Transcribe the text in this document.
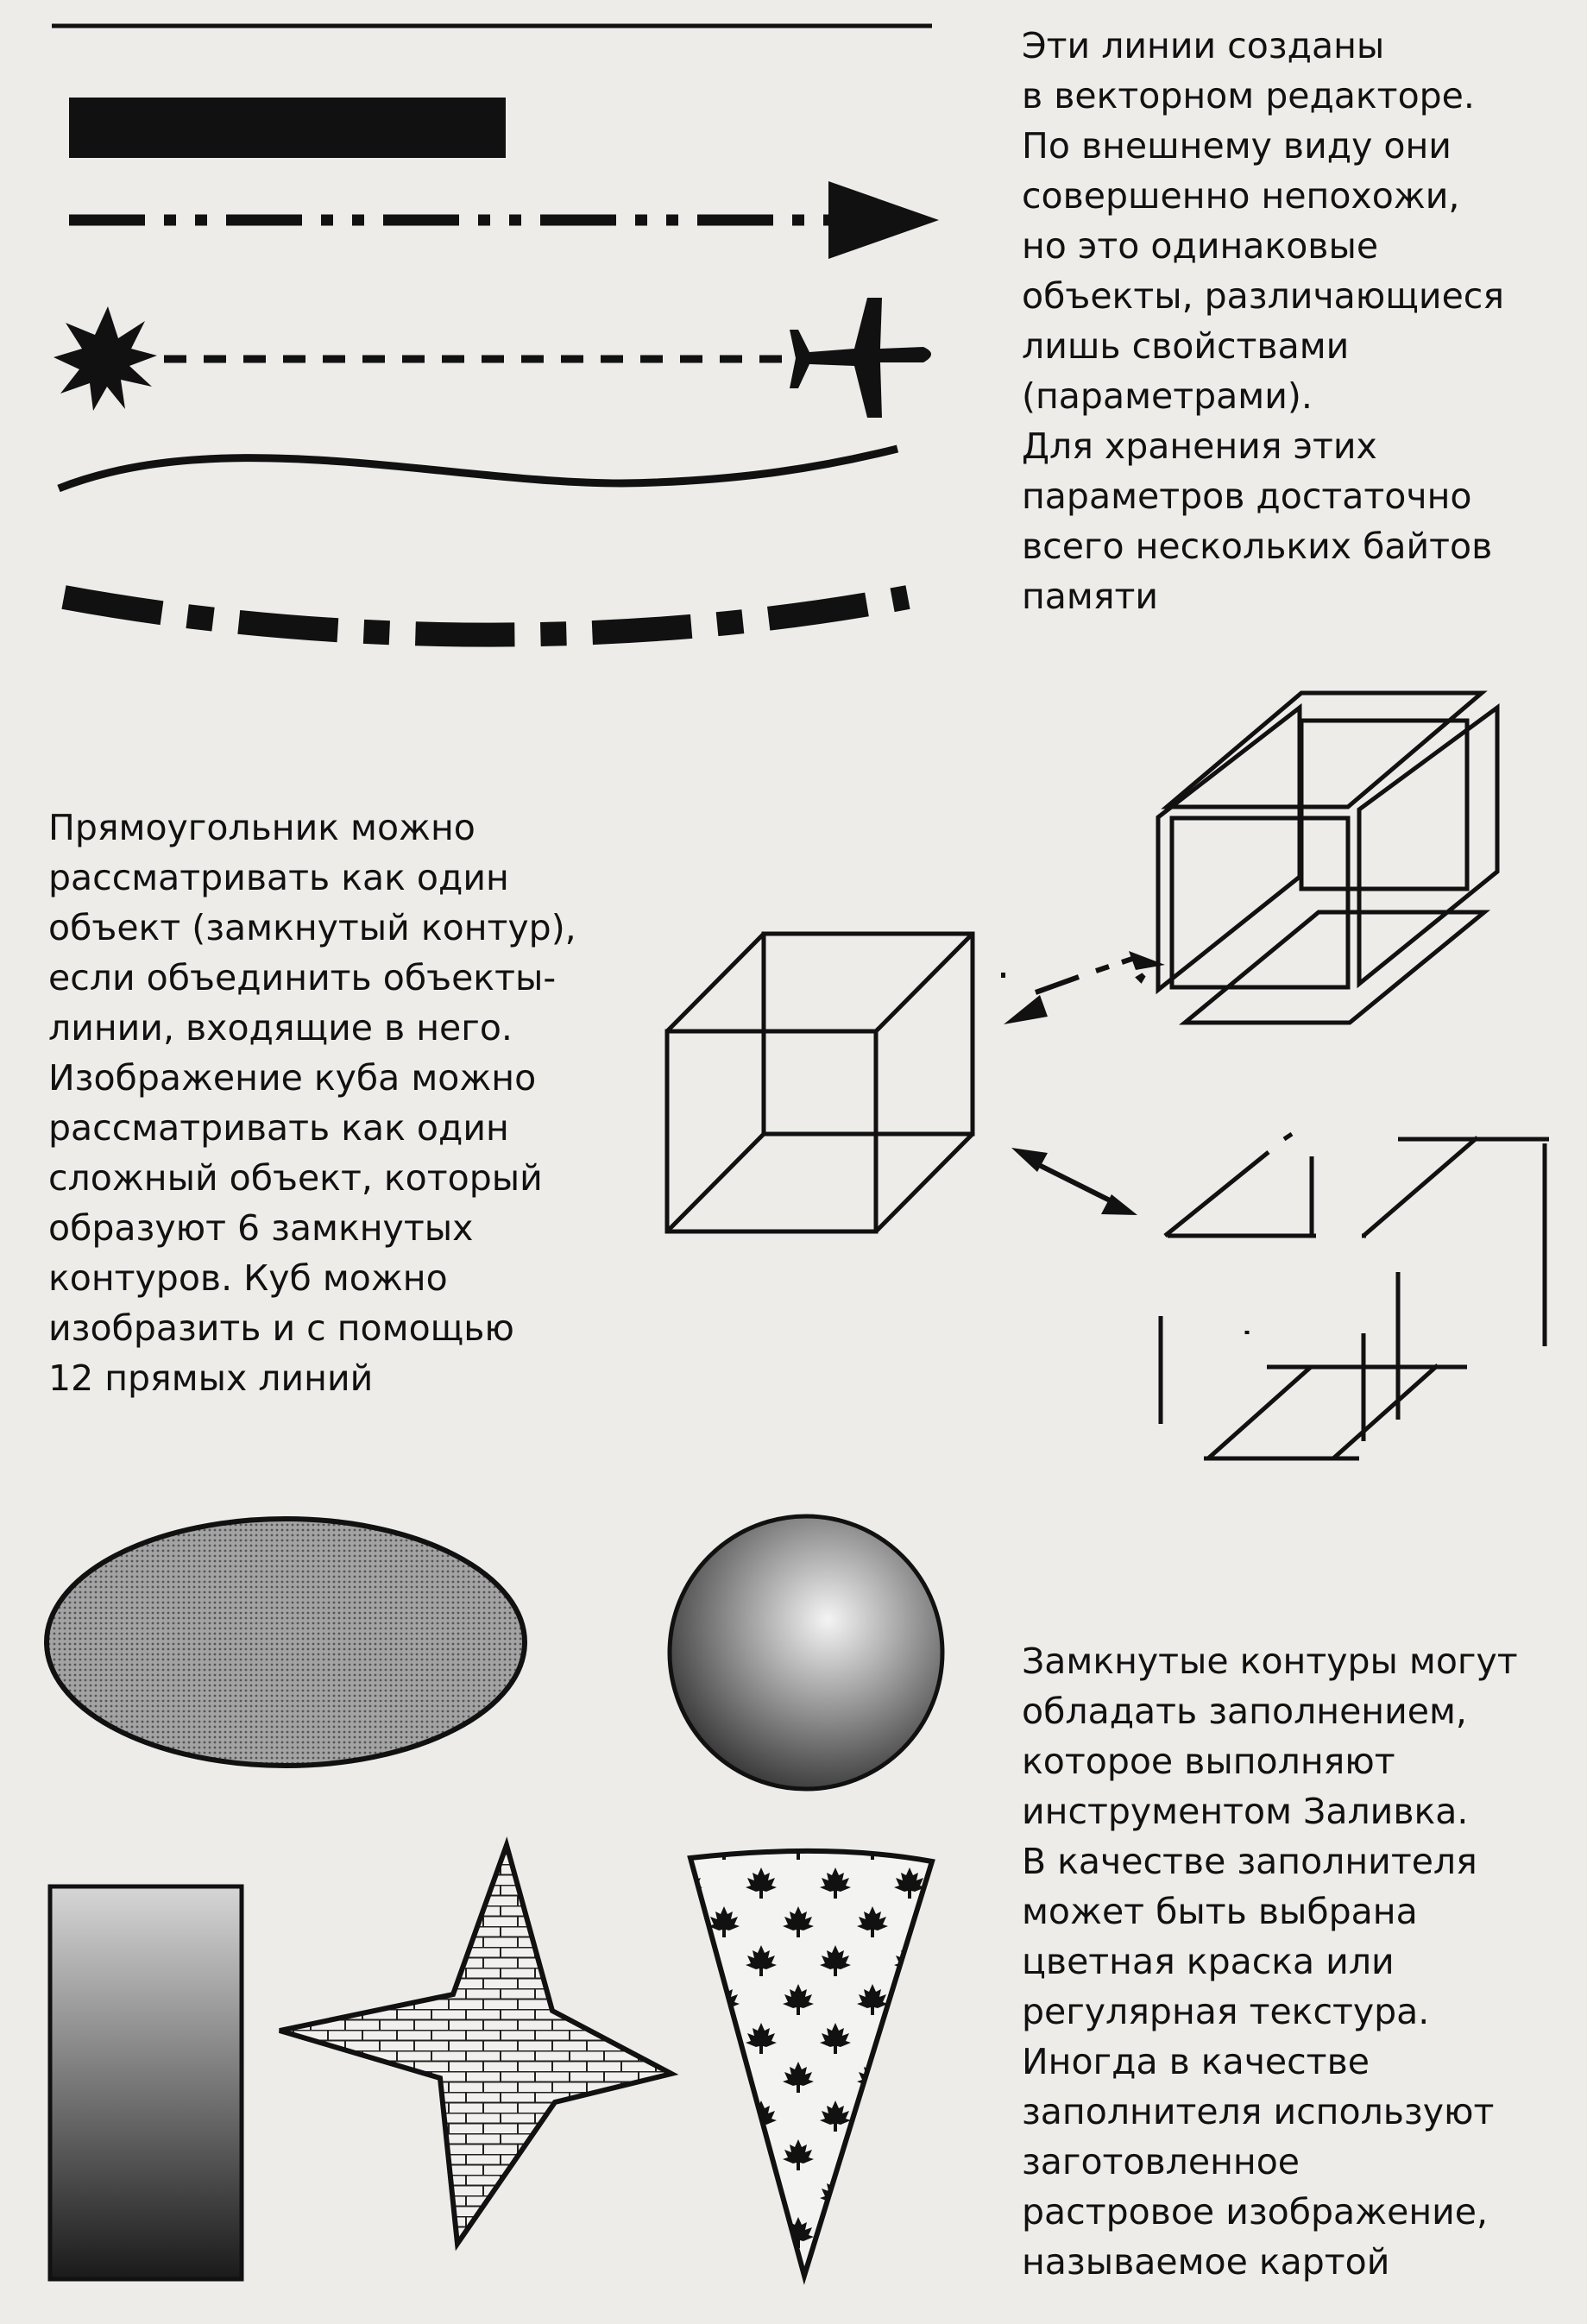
Эти линии созданы
в векторном редакторе.
По внешнему виду они
совершенно непохожи,
но это одинаковые
объекты, различающиеся
лишь свойствами
(параметрами).
Для хранения этих
параметров достаточно
всего нескольких байтов
памяти
Прямоугольник можно
рассматривать как один
объект (замкнутый контур),
если объединить объекты-
линии, входящие в него.
Изображение куба можно
рассматривать как один
сложный объект, который
образуют 6 замкнутых
контуров. Куб можно
изобразить и с помощью
12 прямых линий
Замкнутые контуры могут
обладать заполнением,
которое выполняют
инструментом Заливка.
В качестве заполнителя
может быть выбрана
цветная краска или
регулярная текстура.
Иногда в качестве
заполнителя используют
заготовленное
растровое изображение,
называемое картой
